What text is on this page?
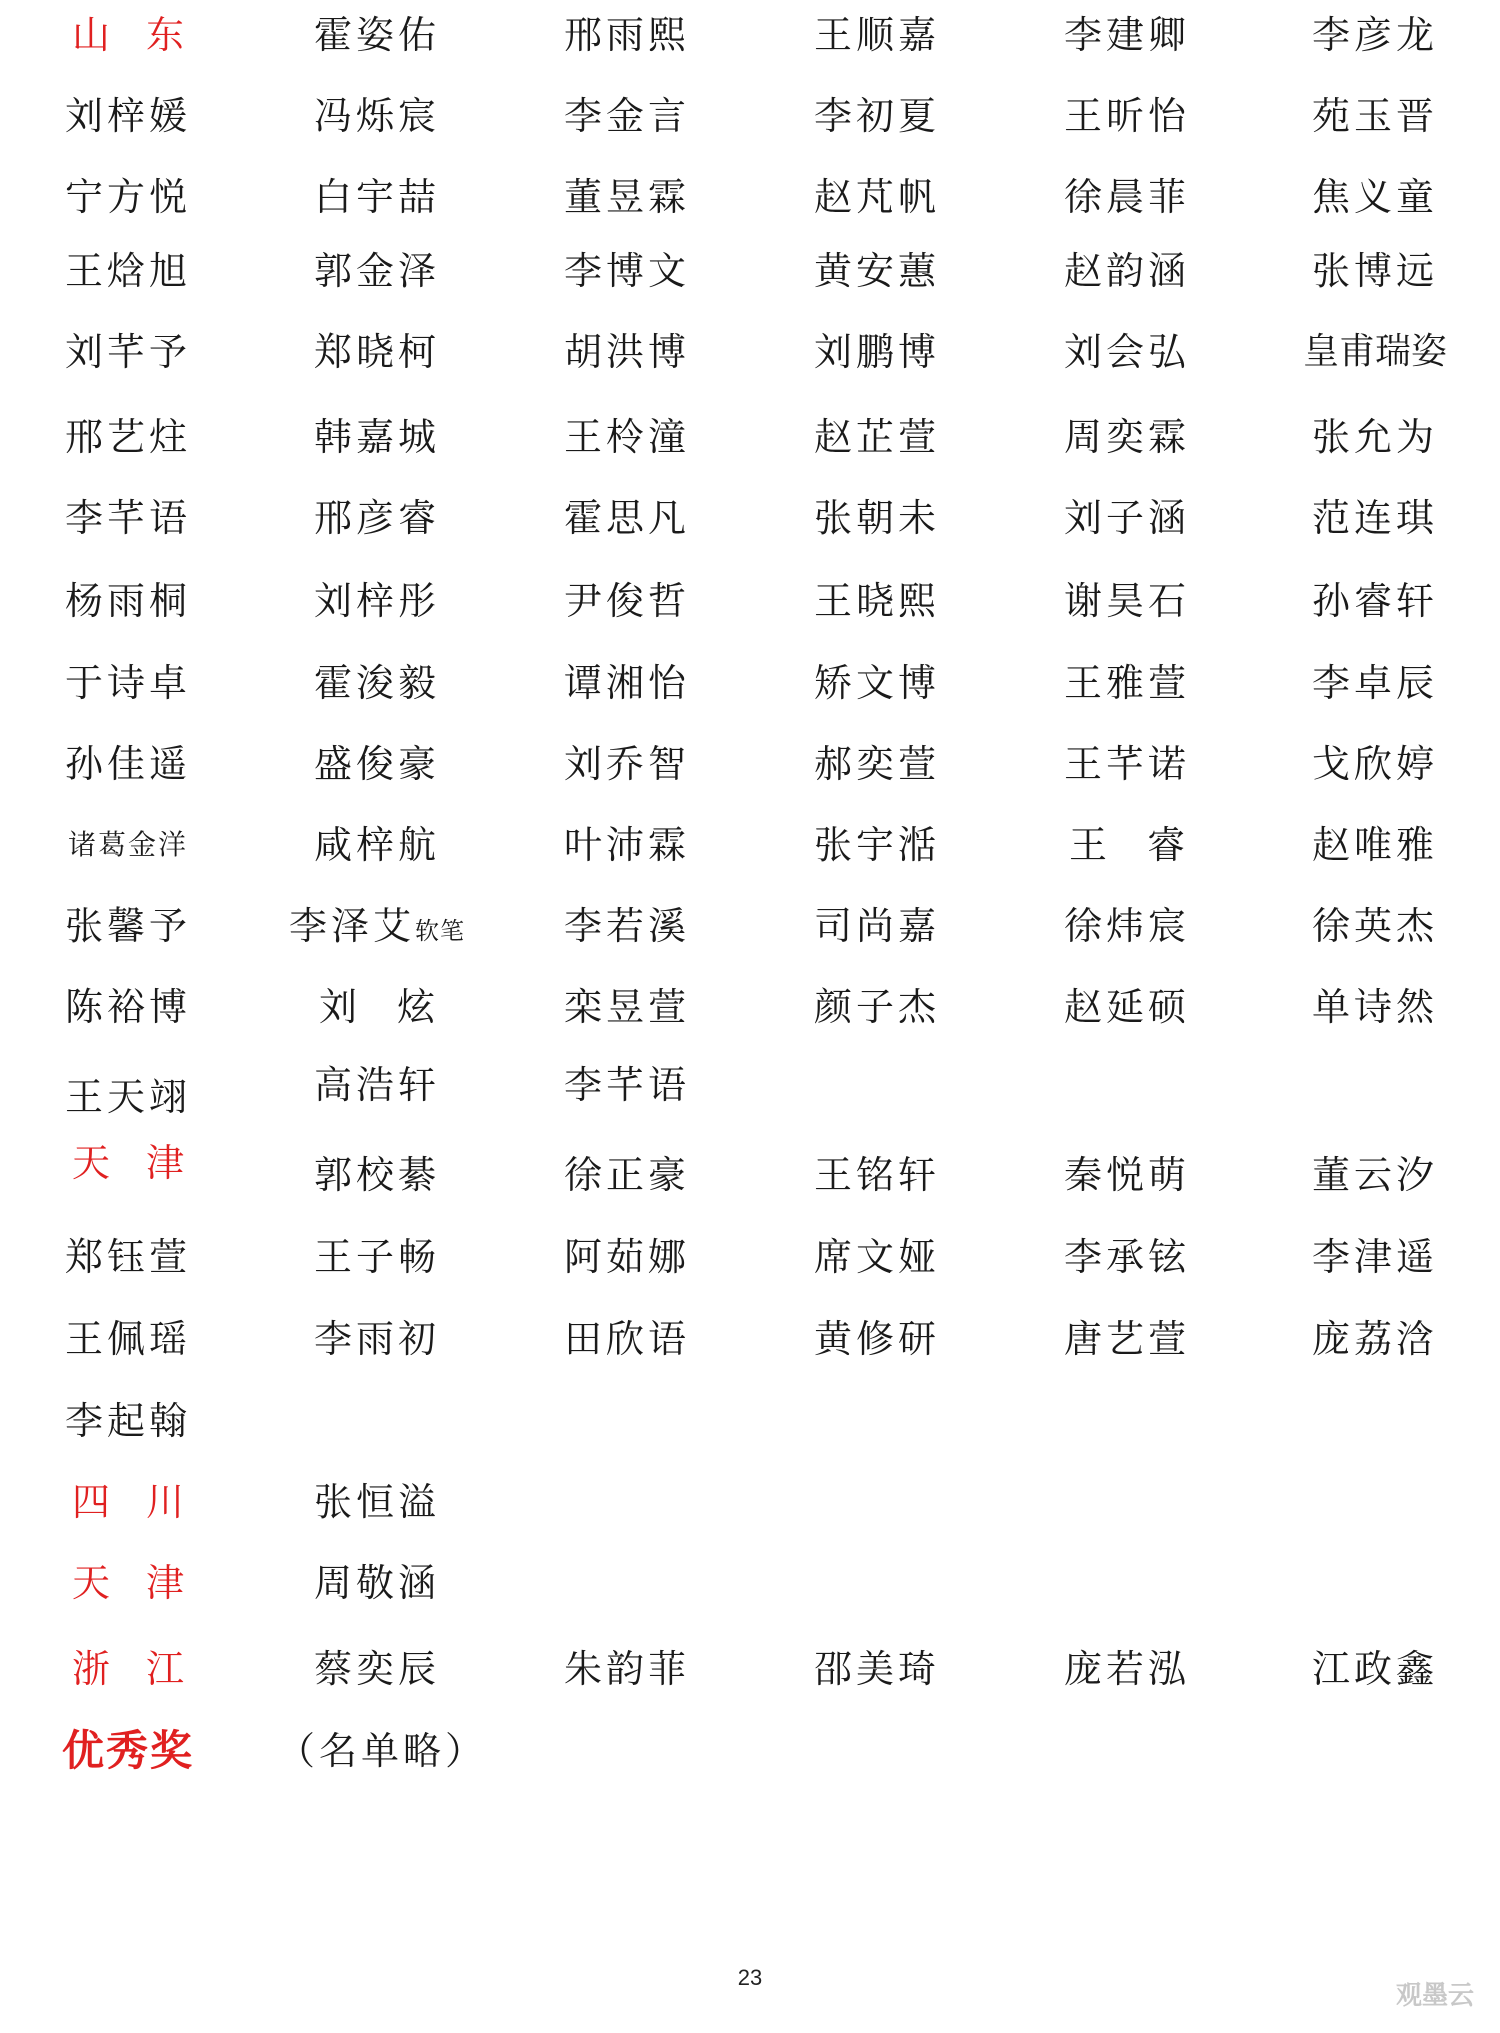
山东	霍姿佑	邢雨熙	王顺嘉	李建卿	李彦龙
刘梓媛	冯烁宸	李金言	李初夏	王昕怡	苑玉晋
宁方悦	白宇喆	董昱霖	赵芃帆	徐晨菲	焦义童
王焓旭	郭金泽	李博文	黄安蕙	赵韵涵	张博远
刘芊予	郑晓柯	胡洪博	刘鹏博	刘会弘	皇甫瑞姿
邢艺炷	韩嘉城	王柃潼	赵芷萱	周奕霖	张允为
李芊语	邢彦睿	霍思凡	张朝未	刘子涵	范连琪
杨雨桐	刘梓彤	尹俊哲	王晓熙	谢昊石	孙睿轩
于诗卓	霍浚毅	谭湘怡	矫文博	王雅萱	李卓辰
孙佳遥	盛俊豪	刘乔智	郝奕萱	王芊诺	戈欣婷
诸葛金洋	咸梓航	叶沛霖	张宇湉	王睿	赵唯雅
张馨予	李泽艾软笔	李若溪	司尚嘉	徐炜宸	徐英杰
陈裕博	刘炫	栾昱萱	颜子杰	赵延硕	单诗然
王天翊	高浩轩	李芊语
天津	郭校綦	徐正豪	王铭轩	秦悦萌	董云汐
郑钰萱	王子畅	阿茹娜	席文娅	李承铉	李津遥
王佩瑶	李雨初	田欣语	黄修研	唐艺萱	庞荔浛
李起翰
四川	张恒溢
天津	周敬涵
浙江	蔡奕辰	朱韵菲	邵美琦	庞若泓	江政鑫
优秀奖	（名单略）
23
观墨云
